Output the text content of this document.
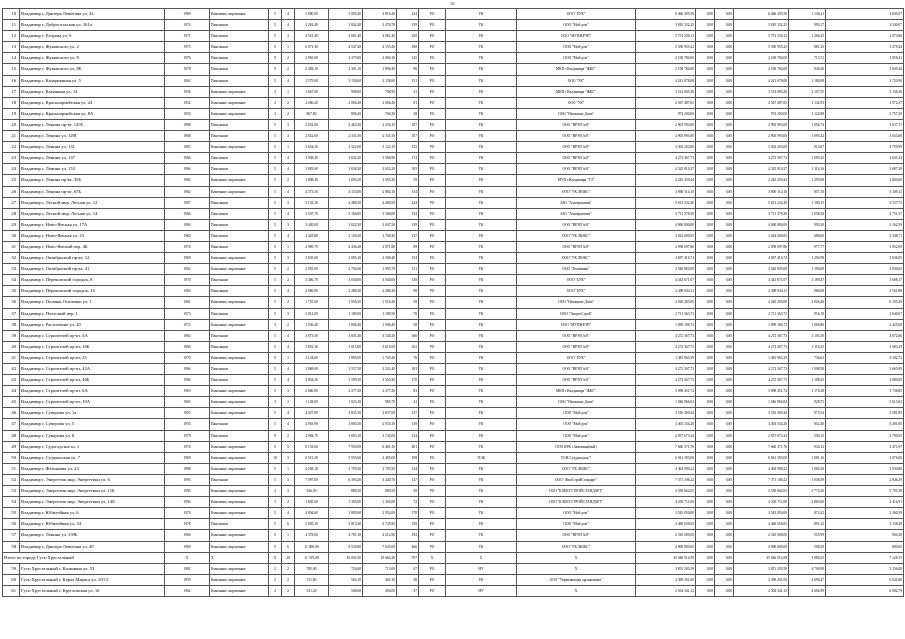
33
10	Владимир г, Дяктора Левитана ул, 42	1969	Каменные, кирпичные	5	4	5 690,90	5 005,40	4 816,40	234	РО	УК	ООО "БУК"	6 466 495,50	0,00	0,00	6 466 495,50	1 136,41	3 640,57
11	Владимир г, Добросельская ул, 161а	1974	Панельные	5	4	4 262,40	3 842,40	3 476,70	159	РО	УК	ООО "Мой дом"	3 810 332,25	0,00	0,00	3 810 332,25	993,17	3 540,07
12	Владимир г, Егорова ул, 6	1971	Панельные	5	3	4 541,40	4 061,40	4 061,40	250	РО	УК	ООО "МУПЖРЭП"	5 751 530,12	0,00	0,00	5 751 530,12	1 266,45	3 073,86
13	Владимир г, Жуковского ул, 2	1975	Панельные	9	1	6 071,30	4 547,40	4 155,20	290	РО	УК	ООО "Мой дом"	5 350 955,22	0,00	0,00	5 350 955,22	881,35	3 279,44
14	Владимир г, Жуковского ул, 8	1976	Панельные	9	2	2 965,00	2 375,00	2 084,10	125	РО	УК	ООО "Мой дом"	2 100 784,00	0,00	0,00	2 100 784,00	715,72	3 058,41
15	Владимир г, Жуковского ул, 8Б	1978	Панельные	9	2	2 482,10	2 301,10	1 896,40	96	РО	УК	МКП г.Владимира "ЖКС"	2 100 784,00	0,00	0,00	2 100 784,00	846,40	3 045,42
16	Владимир г, Казарменная ул, 5	1962	Панельные	5	4	3 579,00	3 158,60	3 158,60	151	РО	УК	ООО "УК"	4 241 078,08	0,00	0,00	4 241 078,08	1 184,99	3 720,90
17	Владимир г, Каманина ул, 14	1956	Каменные, кирпичные	3	1	1 667,00	908,00	708,50	31	РО	УК	МКП г.Владимира "ЖКС"	3 514 085,28	0,00	0,00	3 514 085,28	2 107,55	5 136,36
18	Владимир г, Красноармейская ул, 24	1952	Каменные, кирпичные	2	2	2 266,20	2 066,20	2 066,20	91	РО	УК	ООО "УК"	2 567 487,65	0,00	0,00	2 567 487,65	1 132,93	3 972,37
19	Владимир г, Красноармейская ул, 8А	1950	Каменные, кирпичные	2	2	867,60	806,20	766,20	38	РО	УК	ООО "Немецкие Дома"	974 200,00	0,00	0,00	974 200,00	1 122,88	3 757,20
20	Владимир г, Ленина пр-кт, 1295	1968	Панельные	5	3	2 652,00	2 463,30	2 354,10	107	РО	УК	ООО "ВРЭП №9"	2 903 993,00	0,00	0,00	2 903 993,00	1 094,74	3 637,17
21	Владимир г, Ленина ул, 129Г	1968	Панельные	5	3	2 652,00	2 331,50	2 331,50	107	РО	УК	ООО "ВРЭП №9"	2 903 993,00	0,00	0,00	2 903 993,00	1 095,42	3 633,08
22	Владимир г, Ленина ул, 131	1965	Каменные, кирпичные	5	1	3 634,20	3 322,60	3 122,10	152	РО	УК	ООО "ВРЭП №9"	3 302 203,00	0,00	0,00	3 302 203,00	913,67	3 759,99
23	Владимир г, Ленина ул, 137	1966	Панельные	5	4	3 938,20	3 632,20	3 566,90	174	РО	УК	ООО "ВРЭП №9"	4 272 367,73	0,00	0,00	4 272 367,73	1 085,43	3 641,24
24	Владимир г, Ленина ул, 153	1966	Панельные	5	4	3 883,00	3 658,20	3 652,20	165	РО	УК	ООО "ВРЭП №9"	4 325 910,37	0,00	0,00	4 325 910,37	1 114,16	3 687,39
25	Владимир г, Ленина пр-кт, 35Б	1984	Каменные, кирпичные	5	2	1 808,40	1 695,20	1 565,20	59	РО	УК	МУП г.Владимира "УЗ"	2 245 259,44	0,00	0,00	2 245 259,44	1 295,68	3 603,00
26	Владимир г, Ленина пр-кт, 67Б	1962	Каменные, кирпичные	5	4	4 373,50	4 153,00	2 884,10	154	РО	УК	ООО "УК ЛЮКС"	3 800 114,10	0,00	0,00	3 800 114,10	857,10	3 309,12
27	Владимир г, Лесной мкр, Лесная ул, 12	1967	Панельные	5	3	5 102,30	4 480,50	4 480,50	224	РО	УК	ЗАО "Альтернатива"	5 613 232,40	0,00	0,00	5 613 232,40	1 100,15	3 537,73
28	Владимир г, Лесной мкр, Лесная ул, 14	1966	Панельные	5	4	3 507,70	3 166,00	3 166,00	134	РО	УК	ЗАО "Альтернатива"	3 711 378,30	0,00	0,00	3 711 378,30	1 058,28	3 751,37
29	Владимир г, Ново-Ямская ул, 17А	1969	Панельные	5	3	3 420,00	3 022,30	3 047,50	149	РО	УК	ООО "ВРЭП №9"	4 060 800,00	0,00	0,00	4 060 800,00	995,20	3 162,59
30	Владимир г, Ново-Ямская ул, 23	1960	Панельные	5	4	4 425,80	3 120,20	1 768,30	137	РО	УК	ООО "УК ЛЮКС"	3 024 600,05	0,00	0,00	3 024 600,05	686,60	3 348,71
31	Владимир г, Ново-Ямский пер, 4Б	1974	Панельные	9	1	2 969,70	2 436,40	2 071,80	89	РО	УК	ООО "ВРЭП №9"	2 958 097,86	0,00	0,00	2 958 097,86	977,77	3 052,69
32	Владимир г, Октябрьский пр-кт, 12	1969	Каменные, кирпичные	5	3	3 635,60	3 805,10	2 306,40	154	РО	УК	ООО "УК ЛЮКС"	4 697 416,74	0,00	0,00	4 697 416,74	1 294,98	3 636,05
33	Владимир г, Октябрьский пр-кт, 41	1962	Каменные, кирпичные	5	2	2 955,00	2 704,60	1 995,70	131	РО	УК	ООО "Волжанин"	3 540 805,00	0,00	0,00	3 540 805,00	1 196,09	3 940,65
34	Владимир г, Перекопский городок, 8	1970	Панельные	5	2	3 456,70	3 040,00	3 040,00	138	РО	УК	ООО "БУК"	4 343 671,07	0,00	0,00	4 343 671,07	1 189,47	3 608,17
35	Владимир г, Перекопский городок, 14	1960	Панельные	5	4	2 960,00	2 286,30	2 286,30	98	РО	УК	ООО "БУК"	2 498 944,11	0,00	0,00	2 498 944,11	986,08	3 561,88
36	Владимир г, Полины Осипенко ул, 1	1961	Каменные, кирпичные	5	2	1 755,00	1 956,50	1 516,40	58	РО	УК	ООО "Немецкие Дома"	4 020 203,00	0,00	0,00	4 020 203,00	2 026,46	6 105,29
37	Владимир г, Почтовый пер, 1	1973	Панельные	5	3	3 012,00	1 180,50	1 180,50	70	РО	УК	ООО "ЭнергоСтрой"	2 711 363,73	0,00	0,00	2 711 363,73	954,19	3 640,67
38	Владимир г, Растопчина ул, 29	1972	Каменные, кирпичные	3	2	1 036,40	1 006,40	1 006,40	58	РО	УК	ООО "МУПЖРЭП"	1 099 186,72	0,00	0,00	1 099 186,72	1 066,86	3 425,69
39	Владимир г, Строителей пр-кт, 4А	1964	Панельные	5	4	3 873,30	3 601,40	3 540,20	166	РО	УК	ООО "ВРЭП №9"	4 272 367,73	0,00	0,00	4 272 367,73	1 103,10	3 672,66
40	Владимир г, Строителей пр-кт, 16Б	1966	Панельные	5	4	3 801,30	3 615,00	3 615,00	162	РО	УК	ООО "ВРЭП №9"	4 272 367,73	0,00	0,00	4 272 367,73	1 116,35	3 683,29
41	Владимир г, Строителей пр-кт, 25	1970	Каменные, кирпичные	9	1	2 134,60	1 895,00	1 765,40	76	РО	УК	ООО "БУК"	1 481 963,39	0,00	0,00	1 481 963,39	736,62	3 182,72
42	Владимир г, Строителей пр-кт, 42А	1966	Панельные	5	4	3 868,00	3 557,50	3 521,40	163	РО	УК	ООО "ВРЭП №9"	4 272 367,73	0,00	0,00	4 272 367,73	1 098,50	3 665,89
43	Владимир г, Строителей пр-кт, 46Б	1966	Панельные	5	4	3 854,30	3 599,30	3 550,30	170	РО	УК	ООО "ВРЭП №9"	4 272 367,73	0,00	0,00	4 272 367,73	1 108,45	3 680,09
44	Владимир г, Строителей пр-кт, 6А	1963	Каменные, кирпичные	5	3	2 660,00	2 277,20	2 277,20	83	РО	УК	МКП г.Владимира "ЖКС"	3 098 451,74	0,00	0,00	3 098 451,74	1 170,28	3 736,85
45	Владимир г, Строителей пр-кт, 10А	1965	Каменные, кирпичные	3	1	1 128,00	1 023,30	985,70	41	РО	УК	ООО "Немецкие Дома"	1 046 966,04	0,00	0,00	1 046 966,04	928,75	3 613,02
46	Владимир г, Суворова ул, 1а	1955	Каменные, кирпичные	5	4	4 027,00	3 835,30	3 837,00	137	РО	УК	ООО "Мой дом"	3 516 369,44	0,00	0,00	3 516 369,44	873,54	3 281,85
47	Владимир г, Суворова ул, 5	1955	Панельные	5	4	4 003,90	3 805,30	2 835,30	139	РО	УК	ООО "Мой дом"	3 403 334,20	0,00	0,00	3 403 334,20	852,40	3 281,85
48	Владимир г, Суворова ул, 8	1979	Панельные	9	2	4 984,70	3 683,10	3 745,00	134	РО	УК	ООО "Мой дом"	2 937 673,34	0,00	0,00	2 937 673,34	594,15	3 790,05
49	Владимир г, Судогодское ш, 1	1974	Каменные, кирпичные	9	5	8 153,60	7 950,00	6 461,10	401	РО	УК	ООО КРК г.Заменная(вый)	7 660 371,76	0,00	0,00	7 660 371,76	934,12	3 471,97
50	Владимир г, Суздальская ул, 7	1969	Каменные, кирпичные	10	3	6 515,20	5 935,60	2 495,00	108	РО	ТСЖ	ТСЖ Суздальская 7	6 941 393,00	0,00	0,00	6 941 393,00	1 081,16	3 076,06
51	Владимир г, Фатьянова ул, 24	1968	Каменные, кирпичные	5	1	4 258,10	3 705,50	3 705,50	134	РО	УК	ООО "УК ЛЮКС"	4 404 990,22	0,00	0,00	4 404 990,22	1 084,50	3 530,80
52	Владимир г, Энергетик мкр, Энергетики ул, 6	1993	Панельные	5	5	7 097,00	6 393,40	3 440,70	147	РО	УК	ООО "ЖилСтройСтандарт"	7 371 106,22	0,00	0,00	7 371 106,22	1 038,59	2 946,29
53	Владимир г, Энергетик мкр, Энергетики ул, 11Б	1993	Каменные, кирпичные	3	3	946,50	880,50	880,50	39	РО	УК	ООО "КЛЕКТСТРОЙСТАНДАРТ"	3 550 662,03	0,00	0,00	3 550 662,03	3 774,20	5 795,38
54	Владимир г, Энергетик мкр, Энергетики ул, 14Б	1994	Каменные, кирпичные	3	2	1 605,00	1 305,00	1 305,00	72	РО	УК	ООО "КЛЕКТСТРОЙСТАНДАРТ"	4 203 711,00	0,00	0,00	4 203 711,00	2 865,60	4 416,91
55	Владимир г, Юбилейная ул, 6	1976	Каменные, кирпичные	5	4	4 004,60	3 895,60	2 952,00	178	РО	УК	ООО "Мой дом"	3 545 050,00	0,00	0,00	3 545 050,00	872,42	3 260,59
56	Владимир г, Юбилейная ул, 34	1978	Панельные	5	6	5 005,30	3 915,40	2 745,90	158	РО	УК	ООО "Мой дом"	4 460 656,05	0,00	0,00	4 460 656,05	891,22	3 158,49
57	Владимир г, Ленина ул, 139Б	1966	Каменные, кирпичные	9	1	4 378,60	4 701,10	4 212,90	192	РО	УК	ООО "ВРЭП №9"	2 310 000,00	0,00	0,00	2 310 000,00	555,99	904,38
58	Владимир г, Дяктора Левитана ул, 49	1969	Каменные, кирпичные	9	6	11 000,00	9 535,80	7 045,00	466	РО	УК	ООО "УК ЛЮКС"	4 900 000,00	0,00	0,00	4 900 000,00	508,29	800,00
Итого по городу Гусь-Хрустальный		X	X	X	20	11 319,00	10 001,90	10 664,20	797	X	X	X	45 046 514,58	0,00	0,00	45 046 514,58	3 980,25	7 128,15
59	Гусь-Хрустальный г, Калинина ул, 53	1982	Каменные, кирпичные	2	2	785,00	724,60	715,00	47	РО	НУ	X	3 851 203,59	0,00	0,00	3 851 203,59	4 706,99	5 236,00
60	Гусь-Хрустальный г, Карла Маркса ул, 10/13	1959	Каменные, кирпичные	2	2	511,60	504,10	402,10	38	РО	УК	ООО "Управляющая организация"	2 399 201,00	0,00	0,00	2 399 201,00	4 690,47	6 041,80
61	Гусь-Хрустальный г, Кругловская ул, 16	1962	Каменные, кирпичные	2	2	531,20	506,00	494,00	27	РО	НУ	X	2 504 341,12	0,00	0,00	2 504 341,12	4 692,99	6 082,79
